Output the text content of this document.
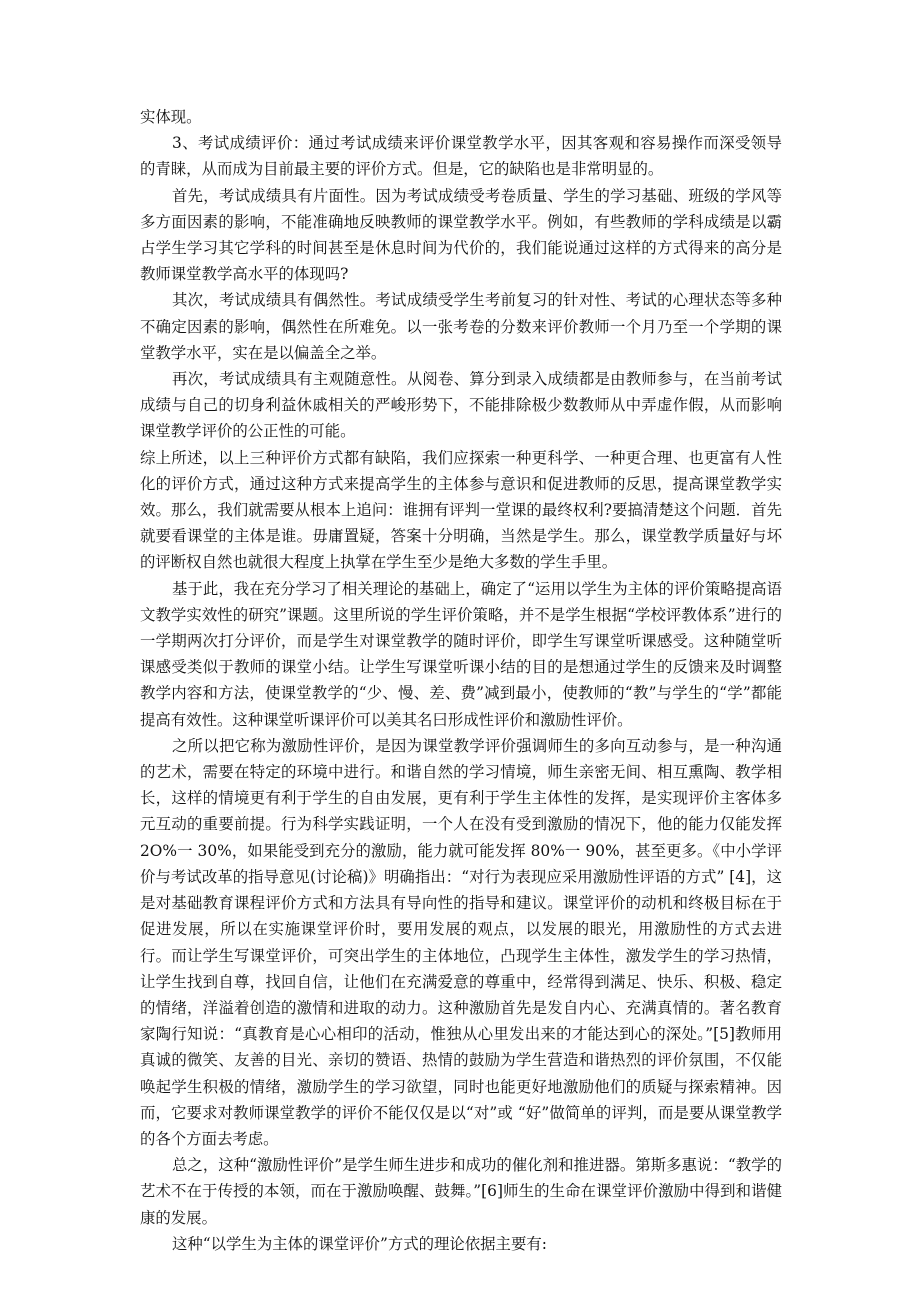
实体现。

3、考试成绩评价：通过考试成绩来评价课堂教学水平，因其客观和容易操作而深受领导的青睐，从而成为目前最主要的评价方式。但是，它的缺陷也是非常明显的。

首先，考试成绩具有片面性。因为考试成绩受考卷质量、学生的学习基础、班级的学风等多方面因素的影响，不能准确地反映教师的课堂教学水平。例如，有些教师的学科成绩是以霸占学生学习其它学科的时间甚至是休息时间为代价的，我们能说通过这样的方式得来的高分是教师课堂教学高水平的体现吗?

其次，考试成绩具有偶然性。考试成绩受学生考前复习的针对性、考试的心理状态等多种不确定因素的影响，偶然性在所难免。以一张考卷的分数来评价教师一个月乃至一个学期的课堂教学水平，实在是以偏盖全之举。

再次，考试成绩具有主观随意性。从阅卷、算分到录入成绩都是由教师参与，在当前考试成绩与自己的切身利益休戚相关的严峻形势下，不能排除极少数教师从中弄虚作假，从而影响课堂教学评价的公正性的可能。

综上所述，以上三种评价方式都有缺陷，我们应探索一种更科学、一种更合理、也更富有人性化的评价方式，通过这种方式来提高学生的主体参与意识和促进教师的反思，提高课堂教学实效。那么，我们就需要从根本上追问：谁拥有评判一堂课的最终权利?要搞清楚这个问题．首先就要看课堂的主体是谁。毋庸置疑，答案十分明确，当然是学生。那么，课堂教学质量好与坏的评断权自然也就很大程度上执掌在学生至少是绝大多数的学生手里。

基于此，我在充分学习了相关理论的基础上，确定了“运用以学生为主体的评价策略提高语文教学实效性的研究”课题。这里所说的学生评价策略，并不是学生根据“学校评教体系”进行的一学期两次打分评价，而是学生对课堂教学的随时评价，即学生写课堂听课感受。这种随堂听课感受类似于教师的课堂小结。让学生写课堂听课小结的目的是想通过学生的反馈来及时调整教学内容和方法，使课堂教学的“少、慢、差、费”减到最小，使教师的“教”与学生的“学”都能提高有效性。这种课堂听课评价可以美其名曰形成性评价和激励性评价。

之所以把它称为激励性评价，是因为课堂教学评价强调师生的多向互动参与，是一种沟通的艺术，需要在特定的环境中进行。和谐自然的学习情境，师生亲密无间、相互熏陶、教学相长，这样的情境更有利于学生的自由发展，更有利于学生主体性的发挥，是实现评价主客体多元互动的重要前提。行为科学实践证明，一个人在没有受到激励的情况下，他的能力仅能发挥 2O%一 30%，如果能受到充分的激励，能力就可能发挥 80%一 90%，甚至更多。《中小学评价与考试改革的指导意见(讨论稿)》明确指出：“对行为表现应采用激励性评语的方式” [4]，这是对基础教育课程评价方式和方法具有导向性的指导和建议。课堂评价的动机和终极目标在于促进发展，所以在实施课堂评价时，要用发展的观点，以发展的眼光，用激励性的方式去进行。而让学生写课堂评价，可突出学生的主体地位，凸现学生主体性，激发学生的学习热情，让学生找到自尊，找回自信，让他们在充满爱意的尊重中，经常得到满足、快乐、积极、稳定的情绪，洋溢着创造的激情和进取的动力。这种激励首先是发自内心、充满真情的。著名教育家陶行知说：“真教育是心心相印的活动，惟独从心里发出来的才能达到心的深处。”[5]教师用真诚的微笑、友善的目光、亲切的赞语、热情的鼓励为学生营造和谐热烈的评价氛围，不仅能唤起学生积极的情绪，激励学生的学习欲望，同时也能更好地激励他们的质疑与探索精神。因而，它要求对教师课堂教学的评价不能仅仅是以“对”或 “好”做简单的评判，而是要从课堂教学的各个方面去考虑。

总之，这种“激励性评价”是学生师生进步和成功的催化剂和推进器。第斯多惠说：“教学的艺术不在于传授的本领，而在于激励唤醒、鼓舞。”[6]师生的生命在课堂评价激励中得到和谐健康的发展。

这种“以学生为主体的课堂评价”方式的理论依据主要有:
